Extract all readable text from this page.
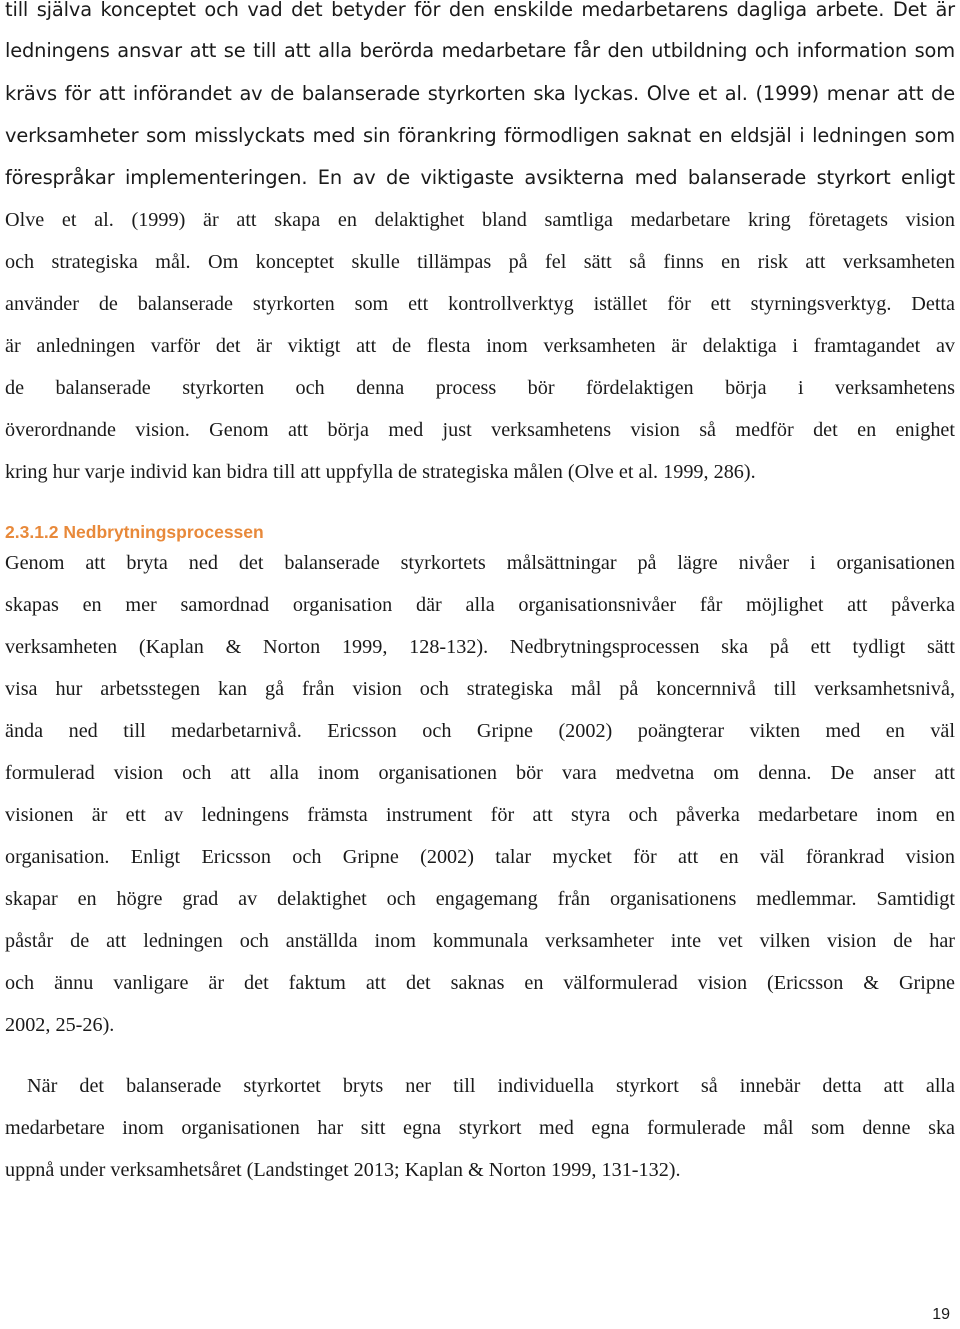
till själva konceptet och vad det betyder för den enskilde medarbetarens dagliga arbete. Det är
ledningens ansvar att se till att alla berörda medarbetare får den utbildning och information som
krävs för att införandet av de balanserade styrkorten ska lyckas. Olve et al. (1999) menar att de
verksamheter som misslyckats med sin förankring förmodligen saknat en eldsjäl i ledningen som
förespråkar implementeringen. En av de viktigaste avsikterna med balanserade styrkort enligt
Olve et al. (1999) är att skapa en delaktighet bland samtliga medarbetare kring företagets vision
och strategiska mål. Om konceptet skulle tillämpas på fel sätt så finns en risk att verksamheten
använder de balanserade styrkorten som ett kontrollverktyg istället för ett styrningsverktyg. Detta
är anledningen varför det är viktigt att de flesta inom verksamheten är delaktiga i framtagandet av
de balanserade styrkorten och denna process bör fördelaktigen börja i verksamhetens
överordnande vision. Genom att börja med just verksamhetens vision så medför det en enighet
kring hur varje individ kan bidra till att uppfylla de strategiska målen (Olve et al. 1999, 286).
2.3.1.2 Nedbrytningsprocessen
Genom att bryta ned det balanserade styrkortets målsättningar på lägre nivåer i organisationen
skapas en mer samordnad organisation där alla organisationsnivåer får möjlighet att påverka
verksamheten (Kaplan & Norton 1999, 128-132). Nedbrytningsprocessen ska på ett tydligt sätt
visa hur arbetsstegen kan gå från vision och strategiska mål på koncernnivå till verksamhetsnivå,
ända ned till medarbetarnivå. Ericsson och Gripne (2002) poängterar vikten med en väl
formulerad vision och att alla inom organisationen bör vara medvetna om denna. De anser att
visionen är ett av ledningens främsta instrument för att styra och påverka medarbetare inom en
organisation. Enligt Ericsson och Gripne (2002) talar mycket för att en väl förankrad vision
skapar en högre grad av delaktighet och engagemang från organisationens medlemmar. Samtidigt
påstår de att ledningen och anställda inom kommunala verksamheter inte vet vilken vision de har
och ännu vanligare är det faktum att det saknas en välformulerad vision (Ericsson & Gripne
2002, 25-26).
När det balanserade styrkortet bryts ner till individuella styrkort så innebär detta att alla
medarbetare inom organisationen har sitt egna styrkort med egna formulerade mål som denne ska
uppnå under verksamhetsåret (Landstinget 2013; Kaplan & Norton 1999, 131-132).
19
